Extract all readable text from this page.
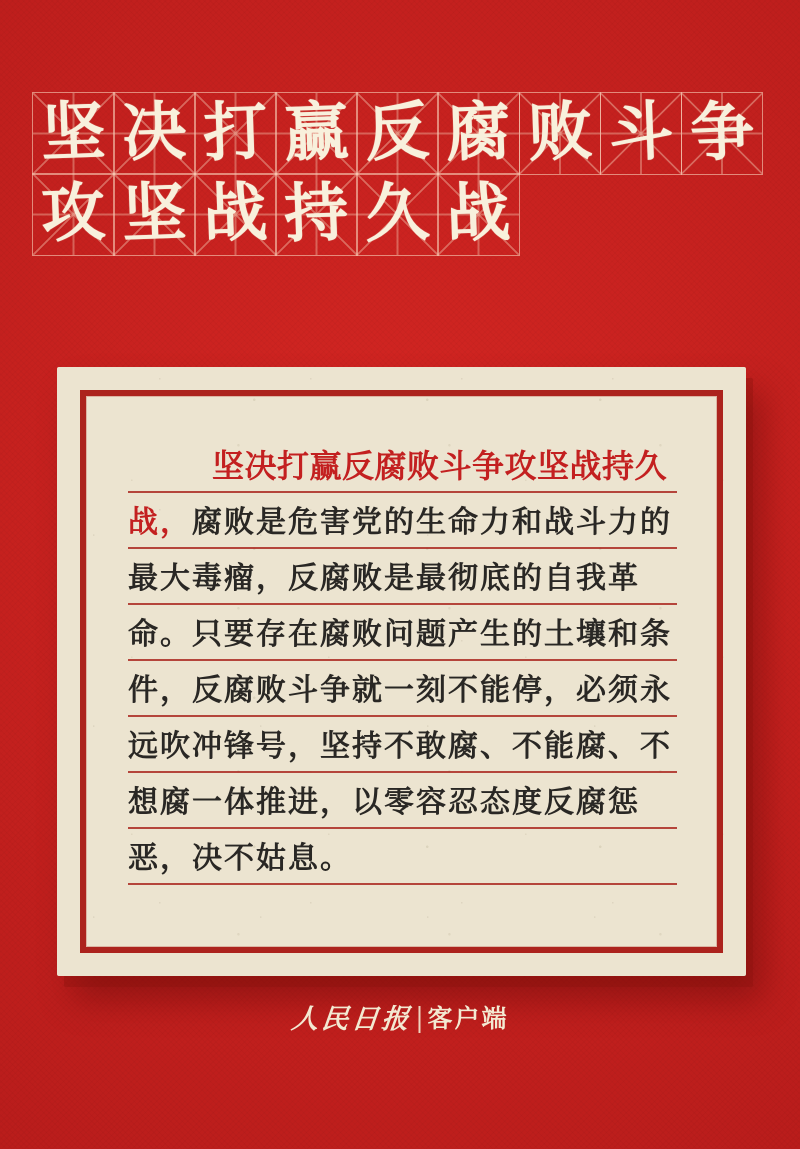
坚 决 打 赢 反 腐 败 斗 争
攻 坚 战 持 久 战
坚决打赢反腐败斗争攻坚战持久
战， 腐败是危害党的生命力和战斗力的
最大毒瘤，反腐败是最彻底的自我革
命。只要存在腐败问题产生的土壤和条
件，反腐败斗争就一刻不能停，必须永
远吹冲锋号，坚持不敢腐、不能腐、不
想腐一体推进，以零容忍态度反腐惩
恶，决不姑息。
人民日报 客户端
